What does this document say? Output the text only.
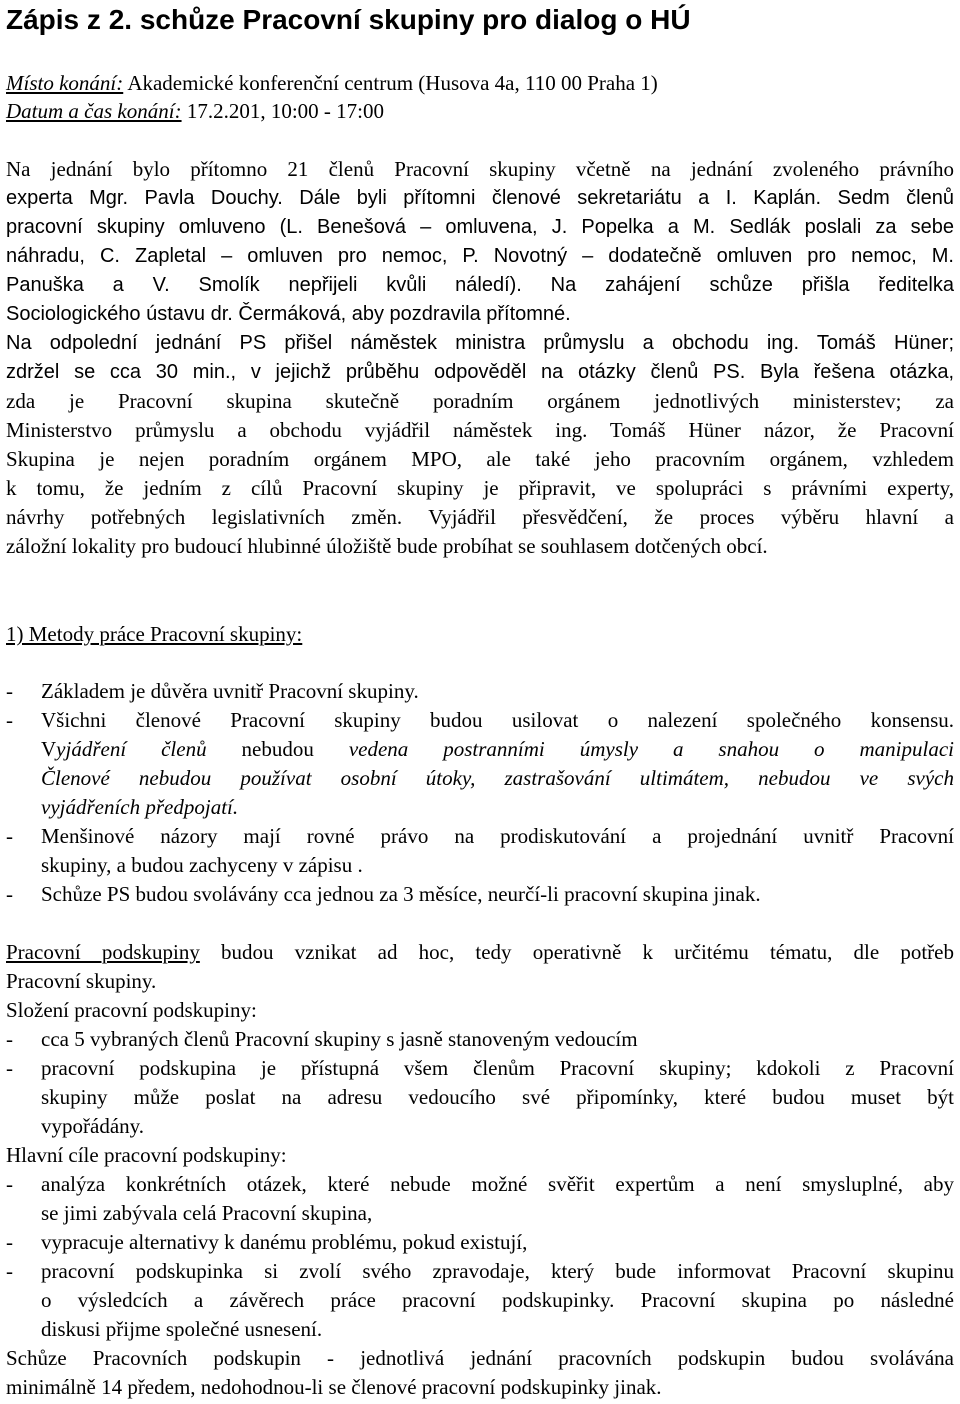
Zápis z 2. schůze Pracovní skupiny pro dialog o HÚ
Místo konání: Akademické konferenční centrum (Husova 4a, 110 00 Praha 1)
Datum a čas konání: 17.2.201, 10:00 - 17:00
Na jednání bylo přítomno 21 členů Pracovní skupiny včetně na jednání zvoleného právního
experta Mgr. Pavla Douchy. Dále byli přítomni členové sekretariátu a I. Kaplán. Sedm členů
pracovní skupiny omluveno (L. Benešová – omluvena, J. Popelka a M. Sedlák poslali za sebe
náhradu, C. Zapletal – omluven pro nemoc, P. Novotný – dodatečně omluven pro nemoc, M.
Panuška a V. Smolík nepřijeli kvůli náledí). Na zahájení schůze přišla ředitelka
Sociologického ústavu dr. Čermáková, aby pozdravila přítomné.
Na odpolední jednání PS přišel náměstek ministra průmyslu a obchodu ing. Tomáš Hüner;
zdržel se cca 30 min., v jejichž průběhu odpověděl na otázky členů PS. Byla řešena otázka,
zda je Pracovní skupina skutečně poradním orgánem jednotlivých ministerstev; za
Ministerstvo průmyslu a obchodu vyjádřil náměstek ing. Tomáš Hüner názor, že Pracovní
Skupina je nejen poradním orgánem MPO, ale také jeho pracovním orgánem, vzhledem
k tomu, že jedním z cílů Pracovní skupiny je připravit, ve spolupráci s právními experty,
návrhy potřebných legislativních změn. Vyjádřil přesvědčení, že proces výběru hlavní a
záložní lokality pro budoucí hlubinné úložiště bude probíhat se souhlasem dotčených obcí.
1) Metody práce Pracovní skupiny:
- Základem je důvěra uvnitř Pracovní skupiny.
- Všichni členové Pracovní skupiny budou usilovat o nalezení společného konsensu.
Vyjádření členů nebudou vedena postranními úmysly a snahou o manipulaci
Členové nebudou používat osobní útoky, zastrašování ultimátem, nebudou ve svých
vyjádřeních předpojatí.
- Menšinové názory mají rovné právo na prodiskutování a projednání uvnitř Pracovní
skupiny, a budou zachyceny v zápisu .
- Schůze PS budou svolávány cca jednou za 3 měsíce, neurčí-li pracovní skupina jinak.
Pracovní podskupiny budou vznikat ad hoc, tedy operativně k určitému tématu, dle potřeb
Pracovní skupiny.
Složení pracovní podskupiny:
- cca 5 vybraných členů Pracovní skupiny s jasně stanoveným vedoucím
- pracovní podskupina je přístupná všem členům Pracovní skupiny; kdokoli z Pracovní
skupiny může poslat na adresu vedoucího své připomínky, které budou muset být
vypořádány.
Hlavní cíle pracovní podskupiny:
- analýza konkrétních otázek, které nebude možné svěřit expertům a není smysluplné, aby
se jimi zabývala celá Pracovní skupina,
- vypracuje alternativy k danému problému, pokud existují,
- pracovní podskupinka si zvolí svého zpravodaje, který bude informovat Pracovní skupinu
o výsledcích a závěrech práce pracovní podskupinky. Pracovní skupina po následné
diskusi přijme společné usnesení.
Schůze Pracovních podskupin - jednotlivá jednání pracovních podskupin budou svolávána
minimálně 14 předem, nedohodnou-li se členové pracovní podskupinky jinak.
